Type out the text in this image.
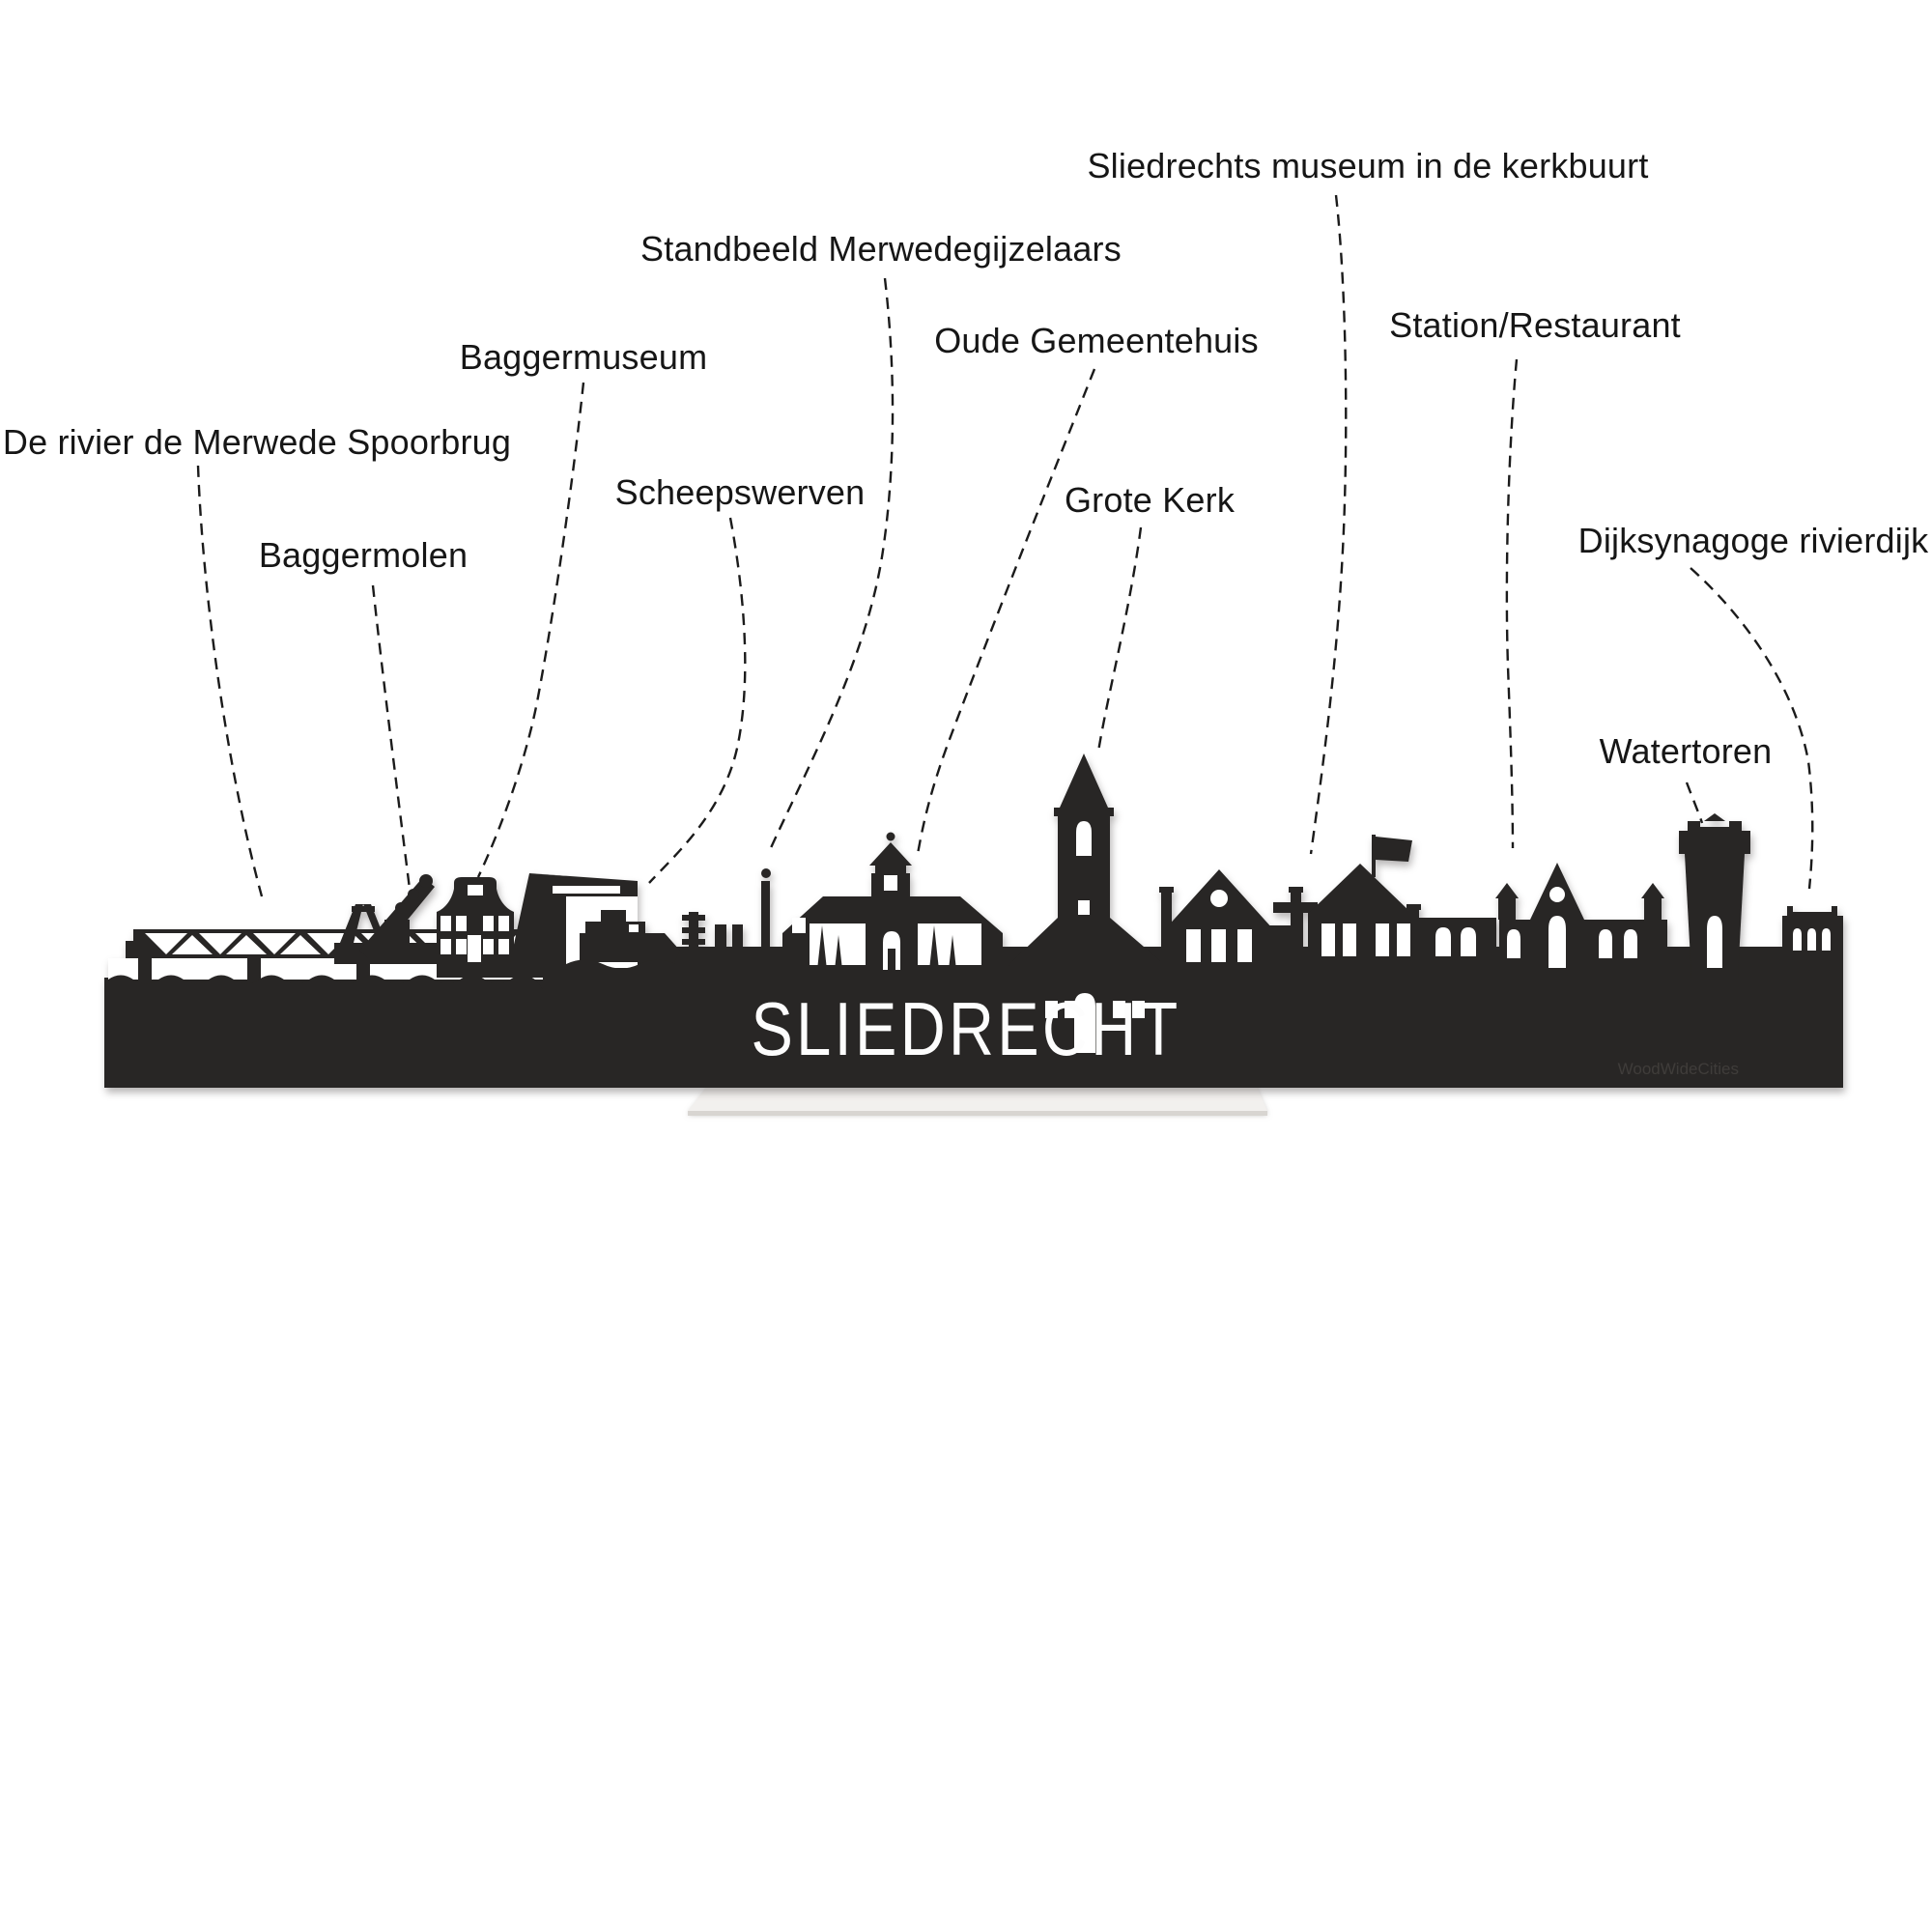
SLIEDRECHT	WoodWideCities
Sliedrechts museum in de kerkbuurt
Standbeeld Merwedegijzelaars
Baggermuseum	Oude Gemeentehuis	Station/Restaurant
De rivier de Merwede Spoorbrug
Scheepswerven	Grote Kerk
Dijksynagoge rivierdijk
Baggermolen
Watertoren
